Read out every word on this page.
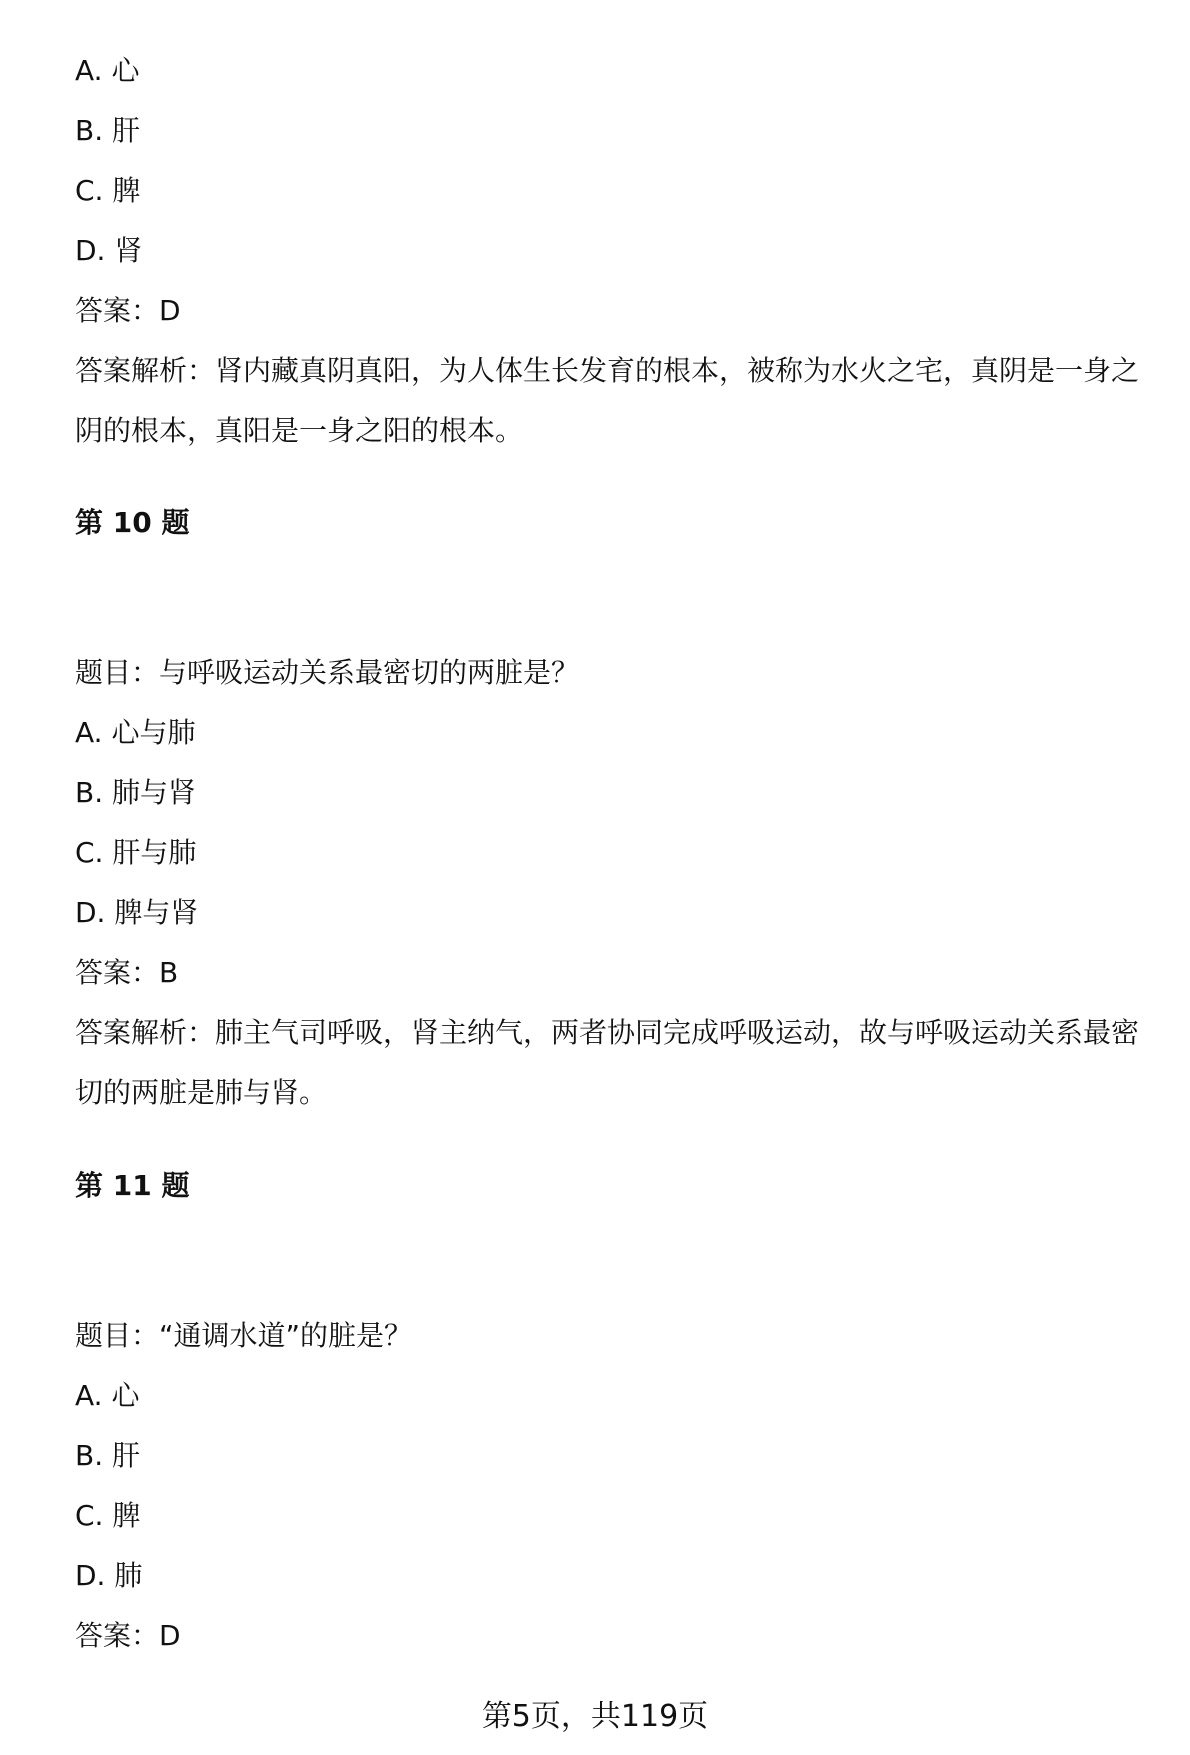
A. 心
B. 肝
C. 脾
D. 肾
答案：D
答案解析：肾内藏真阴真阳，为人体生长发育的根本，被称为水火之宅，真阴是一身之阴的根本，真阳是一身之阳的根本。
第 10 题
题目：与呼吸运动关系最密切的两脏是？
A. 心与肺
B. 肺与肾
C. 肝与肺
D. 脾与肾
答案：B
答案解析：肺主气司呼吸，肾主纳气，两者协同完成呼吸运动，故与呼吸运动关系最密切的两脏是肺与肾。
第 11 题
题目：“通调水道”的脏是？
A. 心
B. 肝
C. 脾
D. 肺
答案：D
第5页，共119页
